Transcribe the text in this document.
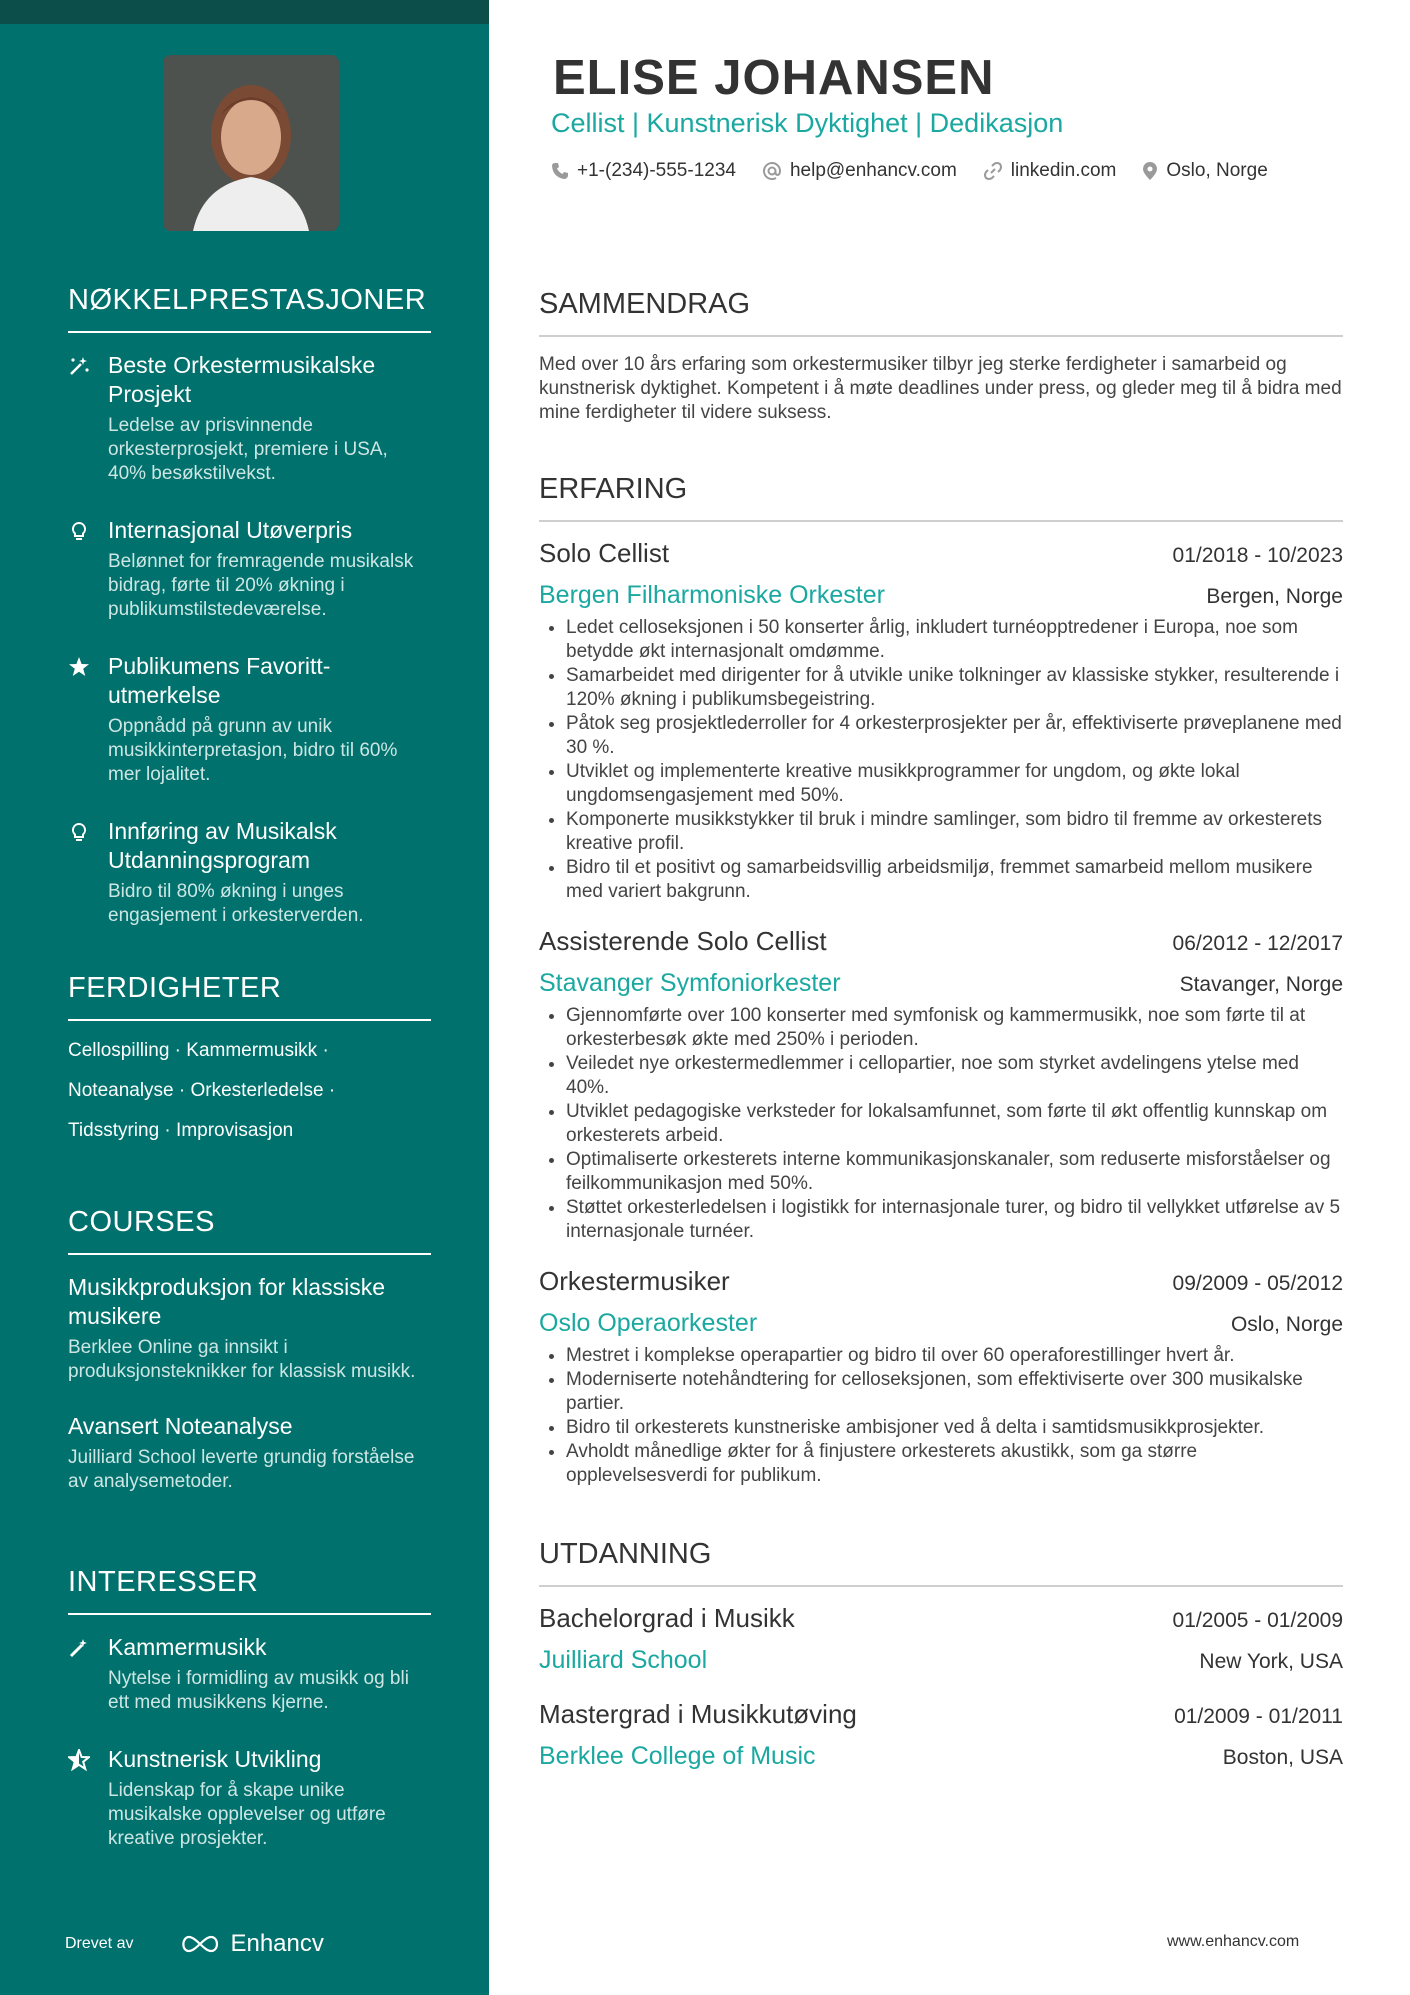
NØKKELPRESTASJONER
Beste Orkestermusikalske Prosjekt
Ledelse av prisvinnende orkesterprosjekt, premiere i USA, 40% besøkstilvekst.
Internasjonal Utøverpris
Belønnet for fremragende musikalsk bidrag, førte til 20% økning i publikumstilstedeværelse.
Publikumens Favoritt-utmerkelse
Oppnådd på grunn av unik musikkinterpretasjon, bidro til 60% mer lojalitet.
Innføring av Musikalsk Utdanningsprogram
Bidro til 80% økning i unges engasjement i orkesterverden.
FERDIGHETER
Cellospilling · Kammermusikk ·
Noteanalyse · Orkesterledelse ·
Tidsstyring · Improvisasjon
COURSES
Musikkproduksjon for klassiske musikere
Berklee Online ga innsikt i produksjonsteknikker for klassisk musikk.
Avansert Noteanalyse
Juilliard School leverte grundig forståelse av analysemetoder.
INTERESSER
Kammermusikk
Nytelse i formidling av musikk og bli ett med musikkens kjerne.
Kunstnerisk Utvikling
Lidenskap for å skape unike musikalske opplevelser og utføre kreative prosjekter.
Drevet av	Enhancv
ELISE JOHANSEN
Cellist | Kunstnerisk Dyktighet | Dedikasjon
+1-(234)-555-1234	help@enhancv.com	linkedin.com	Oslo, Norge
SAMMENDRAG
Med over 10 års erfaring som orkestermusiker tilbyr jeg sterke ferdigheter i samarbeid og kunstnerisk dyktighet. Kompetent i å møte deadlines under press, og gleder meg til å bidra med mine ferdigheter til videre suksess.
ERFARING
Solo Cellist	01/2018 - 10/2023
Bergen Filharmoniske Orkester	Bergen, Norge
• Ledet celloseksjonen i 50 konserter årlig, inkludert turnéopptredener i Europa, noe som betydde økt internasjonalt omdømme.
• Samarbeidet med dirigenter for å utvikle unike tolkninger av klassiske stykker, resulterende i 120% økning i publikumsbegeistring.
• Påtok seg prosjektlederroller for 4 orkesterprosjekter per år, effektiviserte prøveplanene med 30 %.
• Utviklet og implementerte kreative musikkprogrammer for ungdom, og økte lokal ungdomsengasjement med 50%.
• Komponerte musikkstykker til bruk i mindre samlinger, som bidro til fremme av orkesterets kreative profil.
• Bidro til et positivt og samarbeidsvillig arbeidsmiljø, fremmet samarbeid mellom musikere med variert bakgrunn.
Assisterende Solo Cellist	06/2012 - 12/2017
Stavanger Symfoniorkester	Stavanger, Norge
• Gjennomførte over 100 konserter med symfonisk og kammermusikk, noe som førte til at orkesterbesøk økte med 250% i perioden.
• Veiledet nye orkestermedlemmer i cellopartier, noe som styrket avdelingens ytelse med 40%.
• Utviklet pedagogiske verksteder for lokalsamfunnet, som førte til økt offentlig kunnskap om orkesterets arbeid.
• Optimaliserte orkesterets interne kommunikasjonskanaler, som reduserte misforståelser og feilkommunikasjon med 50%.
• Støttet orkesterledelsen i logistikk for internasjonale turer, og bidro til vellykket utførelse av 5 internasjonale turnéer.
Orkestermusiker	09/2009 - 05/2012
Oslo Operaorkester	Oslo, Norge
• Mestret i komplekse operapartier og bidro til over 60 operaforestillinger hvert år.
• Moderniserte notehåndtering for celloseksjonen, som effektiviserte over 300 musikalske partier.
• Bidro til orkesterets kunstneriske ambisjoner ved å delta i samtidsmusikkprosjekter.
• Avholdt månedlige økter for å finjustere orkesterets akustikk, som ga større opplevelsesverdi for publikum.
UTDANNING
Bachelorgrad i Musikk	01/2005 - 01/2009
Juilliard School	New York, USA
Mastergrad i Musikkutøving	01/2009 - 01/2011
Berklee College of Music	Boston, USA
www.enhancv.com
